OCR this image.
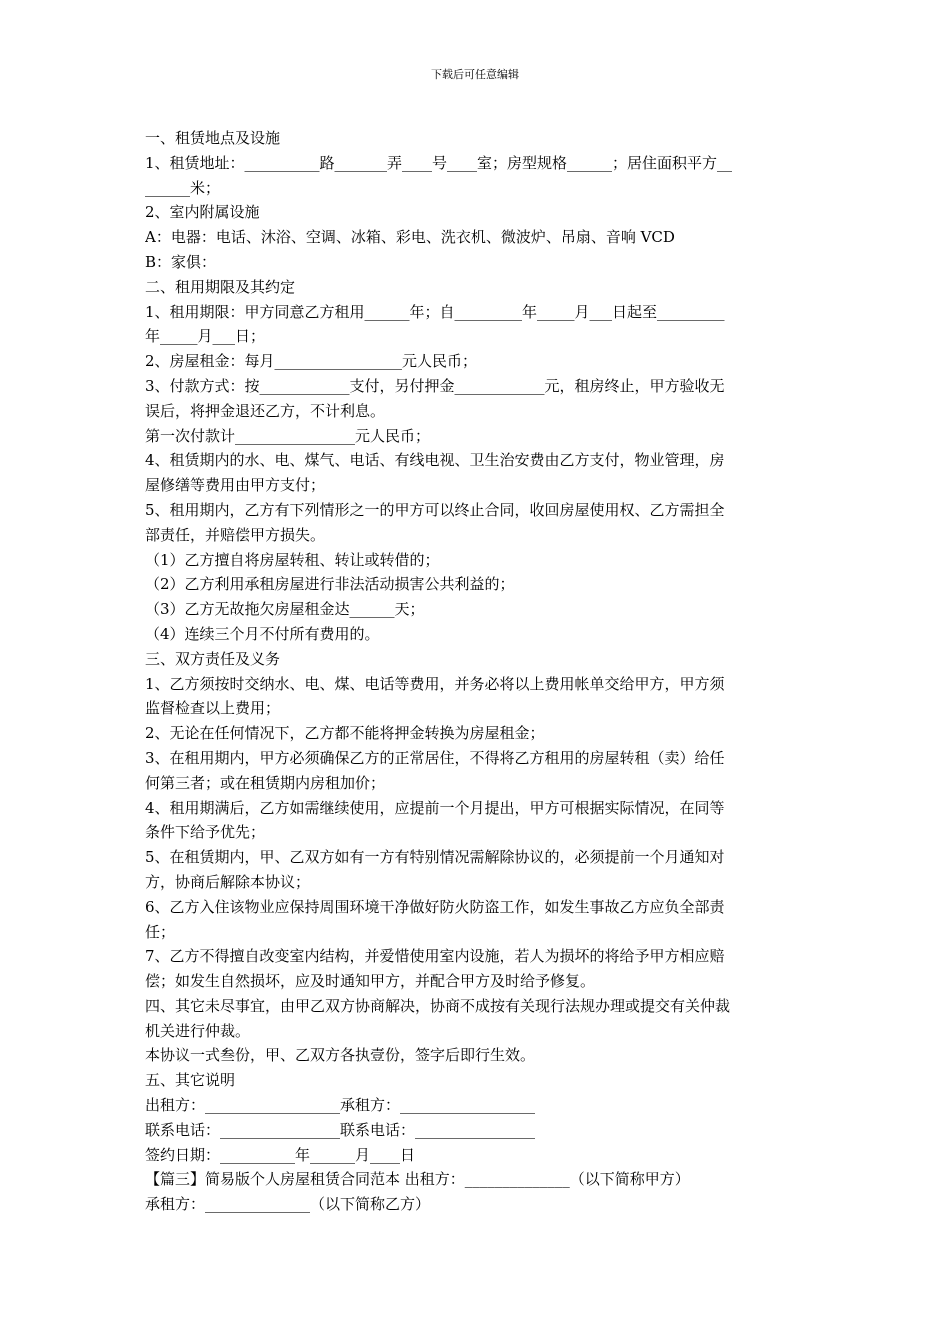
下载后可任意编辑
一、租赁地点及设施
1、租赁地址：__________路_______弄____号____室；房型规格______；居住面积平方__
______米；
2、室内附属设施
A：电器：电话、沐浴、空调、冰箱、彩电、洗衣机、微波炉、吊扇、音响 VCD
B：家俱：
二、租用期限及其约定
1、租用期限：甲方同意乙方租用______年；自_________年_____月___日起至_________
年_____月___日；
2、房屋租金：每月_________________元人民币；
3、付款方式：按____________支付，另付押金____________元，租房终止，甲方验收无
误后，将押金退还乙方，不计利息。
第一次付款计________________元人民币；
4、租赁期内的水、电、煤气、电话、有线电视、卫生治安费由乙方支付，物业管理，房
屋修缮等费用由甲方支付；
5、租用期内，乙方有下列情形之一的甲方可以终止合同，收回房屋使用权、乙方需担全
部责任，并赔偿甲方损失。
（1）乙方擅自将房屋转租、转让或转借的；
（2）乙方利用承租房屋进行非法活动损害公共利益的；
（3）乙方无故拖欠房屋租金达______天；
（4）连续三个月不付所有费用的。
三、双方责任及义务
1、乙方须按时交纳水、电、煤、电话等费用，并务必将以上费用帐单交给甲方，甲方须
监督检查以上费用；
2、无论在任何情况下，乙方都不能将押金转换为房屋租金；
3、在租用期内，甲方必须确保乙方的正常居住，不得将乙方租用的房屋转租（卖）给任
何第三者；或在租赁期内房租加价；
4、租用期满后，乙方如需继续使用，应提前一个月提出，甲方可根据实际情况，在同等
条件下给予优先；
5、在租赁期内，甲、乙双方如有一方有特别情况需解除协议的，必须提前一个月通知对
方，协商后解除本协议；
6、乙方入住该物业应保持周围环境干净做好防火防盗工作，如发生事故乙方应负全部责
任；
7、乙方不得擅自改变室内结构，并爱惜使用室内设施，若人为损坏的将给予甲方相应赔
偿；如发生自然损坏，应及时通知甲方，并配合甲方及时给予修复。
四、其它未尽事宜，由甲乙双方协商解决，协商不成按有关现行法规办理或提交有关仲裁
机关进行仲裁。
本协议一式叁份，甲、乙双方各执壹份，签字后即行生效。
五、其它说明
出租方：__________________承租方：__________________
联系电话：________________联系电话：________________
签约日期：__________年______月____日
【篇三】简易版个人房屋租赁合同范本 出租方：______________（以下简称甲方）
承租方：______________（以下简称乙方）
